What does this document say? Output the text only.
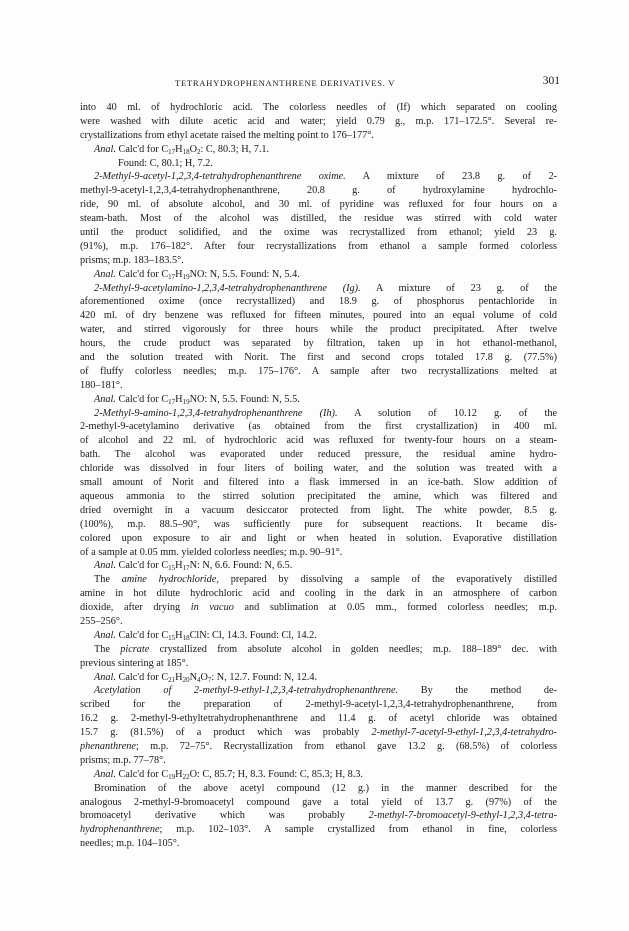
TETRAHYDROPHENANTHRENE DERIVATIVES. V	301
into 40 ml. of hydrochloric acid. The colorless needles of (If) which separated on cooling
were washed with dilute acetic acid and water; yield 0.79 g., m.p. 171–172.5°. Several re-
crystallizations from ethyl acetate raised the melting point to 176–177°.
Anal. Calc'd for $C_{17}H_{18}O_2$: C, 80.3; H, 7.1.
Found: C, 80.1; H, 7.2.
2-Methyl-9-acetyl-1,2,3,4-tetrahydrophenanthrene oxime. A mixture of 23.8 g. of 2-
methyl-9-acetyl-1,2,3,4-tetrahydrophenanthrene, 20.8 g. of hydroxylamine hydrochlo-
ride, 90 ml. of absolute alcohol, and 30 ml. of pyridine was refluxed for four hours on a
steam-bath. Most of the alcohol was distilled, the residue was stirred with cold water
until the product solidified, and the oxime was recrystallized from ethanol; yield 23 g.
(91%), m.p. 176–182°. After four recrystallizations from ethanol a sample formed colorless
prisms; m.p. 183–183.5°.
Anal. Calc'd for $C_{17}H_{19}NO$: N, 5.5. Found: N, 5.4.
2-Methyl-9-acetylamino-1,2,3,4-tetrahydrophenanthrene (Ig). A mixture of 23 g. of the
aforementioned oxime (once recrystallized) and 18.9 g. of phosphorus pentachloride in
420 ml. of dry benzene was refluxed for fifteen minutes, poured into an equal volume of cold
water, and stirred vigorously for three hours while the product precipitated. After twelve
hours, the crude product was separated by filtration, taken up in hot ethanol-methanol,
and the solution treated with Norit. The first and second crops totaled 17.8 g. (77.5%)
of fluffy colorless needles; m.p. 175–176°. A sample after two recrystallizations melted at
180–181°.
Anal. Calc'd for $C_{17}H_{19}NO$: N, 5.5. Found: N, 5.5.
2-Methyl-9-amino-1,2,3,4-tetrahydrophenanthrene (Ih). A solution of 10.12 g. of the
2-methyl-9-acetylamino derivative (as obtained from the first crystallization) in 400 ml.
of alcohol and 22 ml. of hydrochloric acid was refluxed for twenty-four hours on a steam-
bath. The alcohol was evaporated under reduced pressure, the residual amine hydro-
chloride was dissolved in four liters of boiling water, and the solution was treated with a
small amount of Norit and filtered into a flask immersed in an ice-bath. Slow addition of
aqueous ammonia to the stirred solution precipitated the amine, which was filtered and
dried overnight in a vacuum desiccator protected from light. The white powder, 8.5 g.
(100%), m.p. 88.5–90°, was sufficiently pure for subsequent reactions. It became dis-
colored upon exposure to air and light or when heated in solution. Evaporative distillation
of a sample at 0.05 mm. yielded colorless needles; m.p. 90–91°.
Anal. Calc'd for $C_{15}H_{17}N$: N, 6.6. Found: N, 6.5.
The amine hydrochloride, prepared by dissolving a sample of the evaporatively distilled
amine in hot dilute hydrochloric acid and cooling in the dark in an atmosphere of carbon
dioxide, after drying in vacuo and sublimation at 0.05 mm., formed colorless needles; m.p.
255–256°.
Anal. Calc'd for $C_{15}H_{18}ClN$: Cl, 14.3. Found: Cl, 14.2.
The picrate crystallized from absolute alcohol in golden needles; m.p. 188–189° dec. with
previous sintering at 185°.
Anal. Calc'd for $C_{21}H_{20}N_4O_7$: N, 12.7. Found: N, 12.4.
Acetylation of 2-methyl-9-ethyl-1,2,3,4-tetrahydrophenanthrene. By the method de-
scribed for the preparation of 2-methyl-9-acetyl-1,2,3,4-tetrahydrophenanthrene, from
16.2 g. 2-methyl-9-ethyltetrahydrophenanthrene and 11.4 g. of acetyl chloride was obtained
15.7 g. (81.5%) of a product which was probably 2-methyl-7-acetyl-9-ethyl-1,2,3,4-tetrahydro-
phenanthrene; m.p. 72–75°. Recrystallization from ethanol gave 13.2 g. (68.5%) of colorless
prisms; m.p. 77–78°.
Anal. Calc'd for $C_{19}H_{22}O$: C, 85.7; H, 8.3. Found: C, 85.3; H, 8.3.
Bromination of the above acetyl compound (12 g.) in the manner described for the
analogous 2-methyl-9-bromoacetyl compound gave a total yield of 13.7 g. (97%) of the
bromoacetyl derivative which was probably 2-methyl-7-bromoacetyl-9-ethyl-1,2,3,4-tetra-
hydrophenanthrene; m.p. 102–103°. A sample crystallized from ethanol in fine, colorless
needles; m.p. 104–105°.
